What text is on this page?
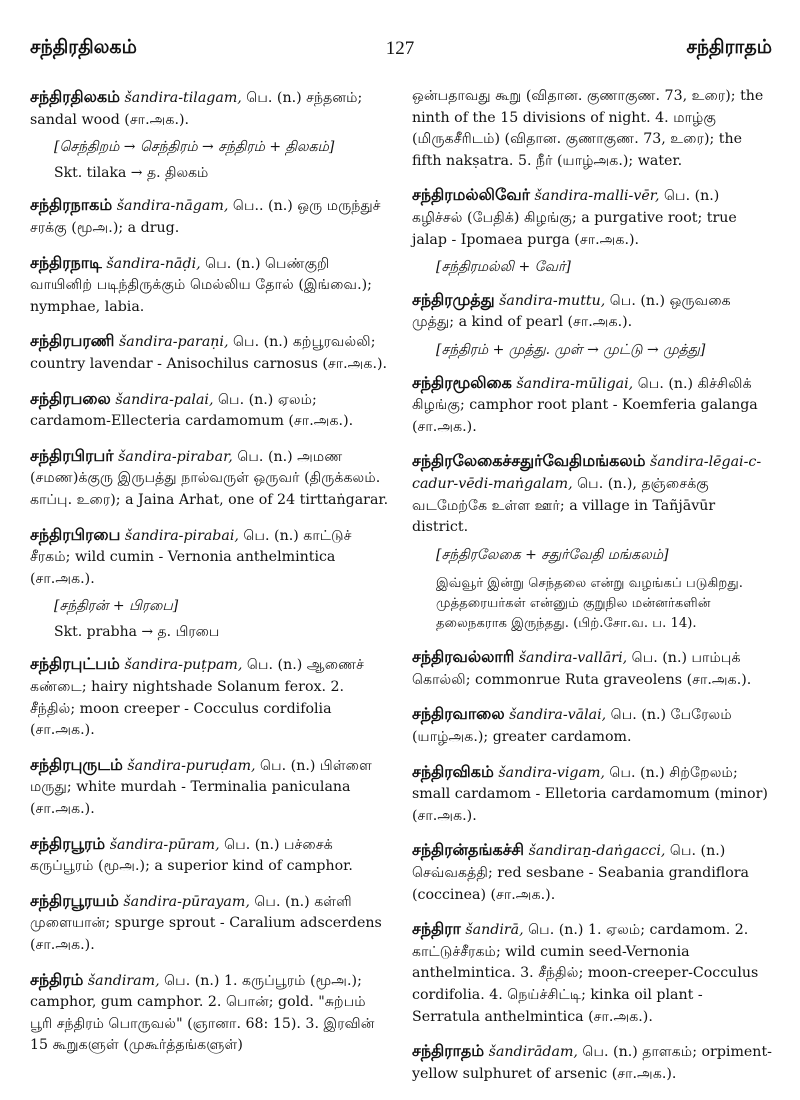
சந்திரதிலகம்	127	சந்திராதம்

சந்திரதிலகம் šandira-tilagam, பெ. (n.) சந்தனம்; sandal wood (சா.அக.).

[செந்திறம் → செந்திரம் → சந்திரம் + திலகம்]

Skt. tilaka → த. திலகம்

சந்திரநாகம் šandira-nāgam, பெ.. (n.) ஒரு மருந்துச் சரக்கு (மூஅ.); a drug.

சந்திரநாடி šandira-nāḍi, பெ. (n.) பெண்குறி வாயினிற் படிந்திருக்கும் மெல்லிய தோல் (இங்வை.); nymphae, labia.

சந்திரபரணி šandira-paraṇi, பெ. (n.) கற்பூரவல்லி; country lavendar - Anisochilus carnosus (சா.அக.).

சந்திரபலை šandira-palai, பெ. (n.) ஏலம்; cardamom-Ellecteria cardamomum (சா.அக.).

சந்திரபிரபர் šandira-pirabar, பெ. (n.) அமண (சமண)க்குரு இருபத்து நால்வருள் ஒருவர் (திருக்கலம். காப்பு. உரை); a Jaina Arhat, one of 24 tirttaṅgarar.

சந்திரபிரபை šandira-pirabai, பெ. (n.) காட்டுச் சீரகம்; wild cumin - Vernonia anthelmintica (சா.அக.).

[சந்திரன் + பிரபை]

Skt. prabha → த. பிரபை

சந்திரபுட்பம் šandira-puṭpam, பெ. (n.) ஆணைச் கண்டை; hairy nightshade Solanum ferox. 2. சீந்தில்; moon creeper - Cocculus cordifolia (சா.அக.).

சந்திரபுருடம் šandira-puruḍam, பெ. (n.) பிள்ளை மருது; white murdah - Terminalia paniculana (சா.அக.).

சந்திரபூரம் šandira-pūram, பெ. (n.) பச்சைக் கருப்பூரம் (மூஅ.); a superior kind of camphor.

சந்திரபூரயம் šandira-pūrayam, பெ. (n.) கள்ளி முளையான்; spurge sprout - Caralium adscerdens (சா.அக.).

சந்திரம் šandiram, பெ. (n.) 1. கருப்பூரம் (மூஅ.); camphor, gum camphor. 2. பொன்; gold. "சுற்பம் பூரி சந்திரம் பொருவல்" (ஞானா. 68: 15). 3. இரவின் 15 கூறுகளுள் (முகூர்த்தங்களுள்)

ஒன்பதாவது கூறு (விதான. குணாகுண. 73, உரை); the ninth of the 15 divisions of night. 4. மாழ்கு (மிருகசீரிடம்) (விதான. குணாகுண. 73, உரை); the fifth nakṣatra. 5. நீர் (யாழ்அக.); water.

சந்திரமல்லிவேர் šandira-malli-vēr, பெ. (n.) கழிச்சல் (பேதிக்) கிழங்கு; a purgative root; true jalap - Ipomaea purga (சா.அக.).

[சந்திரமல்லி + வேர்]

சந்திரமுத்து šandira-muttu, பெ. (n.) ஒருவகை முத்து; a kind of pearl (சா.அக.).

[சந்திரம் + முத்து. முள் → முட்டு → முத்து]

சந்திரமூலிகை šandira-mūligai, பெ. (n.) கிச்சிலிக் கிழங்கு; camphor root plant - Koemferia galanga (சா.அக.).

சந்திரலேகைச்சதுர்வேதிமங்கலம் šandira-lēgai-c-cadur-vēdi-maṅgalam, பெ. (n.), தஞ்சைக்கு வடமேற்கே உள்ள ஊர்; a village in Tañjāvūr district.

[சந்திரலேகை + சதுர்வேதி மங்கலம்]

இவ்வூர் இன்று செந்தலை என்று வழங்கப் படுகிறது. முத்தரையர்கள் என்னும் குறுநில மன்னர்களின் தலைநகராக இருந்தது. (பிற்.சோ.வ. ப. 14).

சந்திரவல்லாரி šandira-vallāri, பெ. (n.) பாம்புக் கொல்லி; commonrue Ruta graveolens (சா.அக.).

சந்திரவாலை šandira-vālai, பெ. (n.) பேரேலம் (யாழ்அக.); greater cardamom.

சந்திரவிகம் šandira-vigam, பெ. (n.) சிற்றேலம்; small cardamom - Elletoria cardamomum (minor) (சா.அக.).

சந்திரன்தங்கச்சி šandiraṉ-daṅgacci, பெ. (n.) செவ்வகத்தி; red sesbane - Seabania grandiflora (coccinea) (சா.அக.).

சந்திரா šandirā, பெ. (n.) 1. ஏலம்; cardamom. 2. காட்டுச்சீரகம்; wild cumin seed-Vernonia anthelmintica. 3. சீந்தில்; moon-creeper-Cocculus cordifolia. 4. நெய்ச்சிட்டி; kinka oil plant - Serratula anthelmintica (சா.அக.).

சந்திராதம் šandirādam, பெ. (n.) தாளகம்; orpiment-yellow sulphuret of arsenic (சா.அக.).
